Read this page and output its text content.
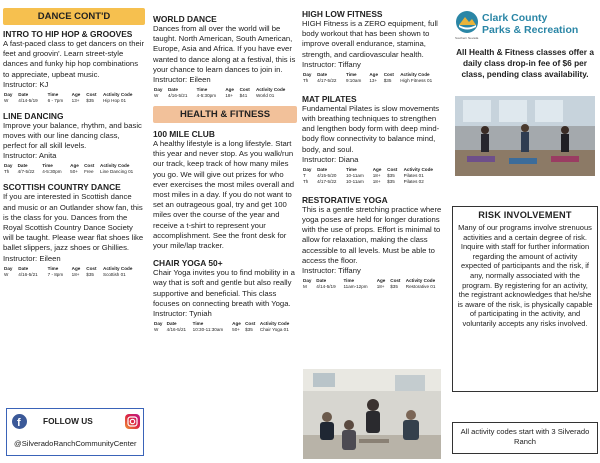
DANCE CONT'D
INTRO TO HIP HOP & GROOVES
A fast-paced class to get dancers on their feet and groovin'. Learn street-style dances and funky hip hop combinations to appreciate, upbeat music.
Instructor: KJ
Day	Date	Time	Age	Cost	Activity Code
W	4/14-5/19	6 - 7pm	13+	$35	Hip Hop 01
LINE DANCING
Improve your balance, rhythm, and basic moves with our line dancing class, perfect for all skill levels.
Instructor: Anita
Day	Date	Time	Age	Cost	Activity Code
Th	4/7-5/22	4-5:30pm	50+	Free	Line Dancing 01
SCOTTISH COUNTRY DANCE
If you are interested in Scottish dance and music or an Outlander show fan, this is the class for you. Dances from the Royal Scottish Country Dance Society will be taught. Please wear flat shoes like ballet slippers, jazz shoes or Ghillies.
Instructor: Eileen
Day	Date	Time	Age	Cost	Activity Code
W	4/16-5/21	7 - 8pm	18+	$35	Scottish 01
f	FOLLOW US
@SilveradoRanchCommunityCenter
WORLD DANCE
Dances from all over the world will be taught. North American, South American, Europe, Asia and Africa. If you have ever wanted to dance along at a festival, this is your chance to learn dances to join in.
Instructor: Eileen
Day	Date	Time	Age	Cost	Activity Code
W	4/16-5/21	4-5:30pm	18+	$41	World 01
HEALTH & FITNESS
100 MILE CLUB
A healthy lifestyle is a long lifestyle. Start this year and never stop. As you walk/run our track, keep track of how many miles you go. We will give out prizes for who ever exercises the most miles overall and most miles in a day. If you do not want to set an outrageous goal, try and get 100 miles over the course of the year and receive a t-shirt to represent your accomplishment. See the front desk for your mile/lap tracker.
CHAIR YOGA 50+
Chair Yoga invites you to find mobility in a way that is soft and gentle but also really supportive and beneficial. This class focuses on connecting breath with Yoga.
Instructor: Tyniah
Day	Date	Time	Age	Cost	Activity Code
W	4/16-5/21	10:30-11:30am	50+	$35	Chair Yoga 01
HIGH LOW FITNESS
HIGH Fitness is a ZERO equipment, full body workout that has been shown to improve overall endurance, stamina, strength, and cardiovascular health.
Instructor: Tiffany
Day	Date	Time	Age	Cost	Activity Code
Th	4/17-5/22	9:10am	13+	$35	High Fitness 01
MAT PILATES
Fundamental Pilates is slow movements with breathing techniques to strengthen and lengthen body form with deep mind-body flow connectivity to balance mind, body, and soul.
Instructor: Diana
Day	Date	Time	Age	Cost	Activity Code
T	4/15-5/20	10-11am	18+	$35	Pilates 01
Th	4/17-5/22	10-11am	18+	$35	Pilates 02
RESTORATIVE YOGA
This is a gentle stretching practice where yoga poses are held for longer durations with the use of props. Effort is minimal to allow for relaxation, making the class accessible to all levels. Must be able to access the floor.
Instructor: Tiffany
Day	Date	Time	Age	Cost	Activity Code
M	4/14-5/19	11am-12pm	18+	$35	Restorative 01
Southern Nevada
Clark County
Parks & Recreation
All Health & Fitness classes offer a daily class drop-in fee of $6 per class, pending class availability.
RISK INVOLVEMENT
Many of our programs involve strenuous activities and a certain degree of risk. Inquire with staff for further information regarding the amount of activity expected of participants and the risk, if any, normally associated with the program. By registering for an activity, the registrant acknowledges that he/she is aware of the risk, is physically capable of participating in the activity, and voluntarily accepts any risks involved.
All activity codes start with 3 Silverado Ranch
